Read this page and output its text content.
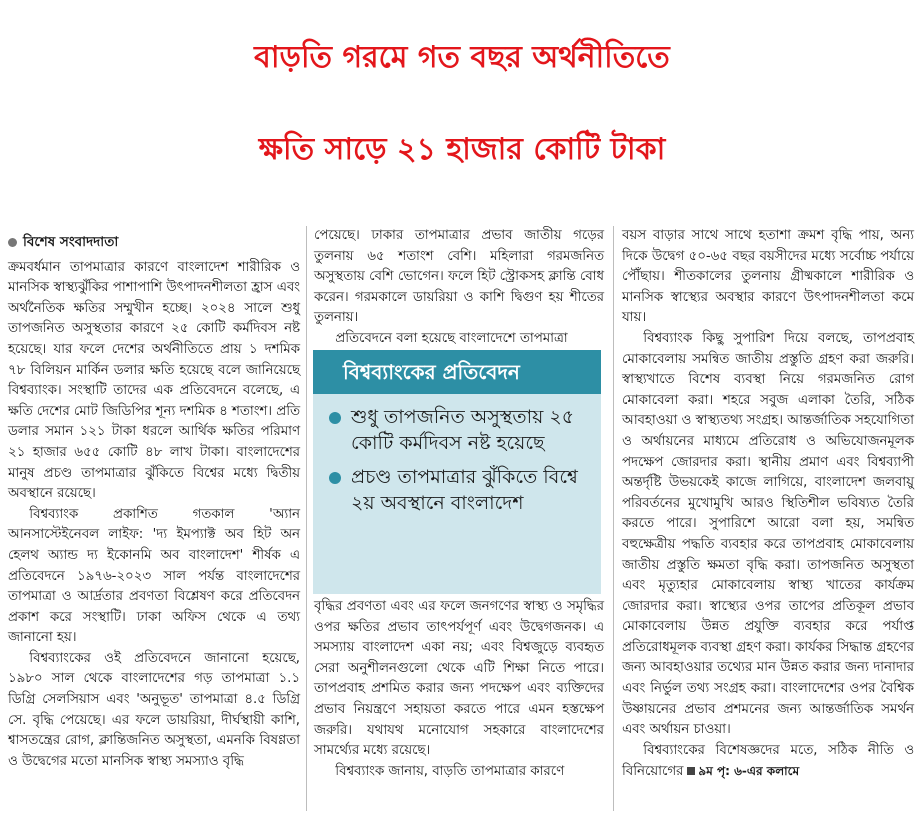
বাড়তি গরমে গত বছর অর্থনীতিতে
ক্ষতি সাড়ে ২১ হাজার কোটি টাকা
বিশেষ সংবাদদাতা

ক্রমবর্ধমান তাপমাত্রার কারণে বাংলাদেশ শারীরিক ও মানসিক স্বাস্থ্যঝুঁকির পাশাপাশি উৎপাদনশীলতা হ্রাস এবং অর্থনৈতিক ক্ষতির সম্মুখীন হচ্ছে। ২০২৪ সালে শুধু তাপজনিত অসুস্থতার কারণে ২৫ কোটি কর্মদিবস নষ্ট হয়েছে। যার ফলে দেশের অর্থনীতিতে প্রায় ১ দশমিক ৭৮ বিলিয়ন মার্কিন ডলার ক্ষতি হয়েছে বলে জানিয়েছে বিশ্বব্যাংক। সংস্থাটি তাদের এক প্রতিবেদনে বলেছে, এ ক্ষতি দেশের মোট জিডিপির শূন্য দশমিক ৪ শতাংশ। প্রতি ডলার সমান ১২১ টাকা ধরলে আর্থিক ক্ষতির পরিমাণ ২১ হাজার ৬৫৫ কোটি ৪৮ লাখ টাকা। বাংলাদেশের মানুষ প্রচণ্ড তাপমাত্রার ঝুঁকিতে বিশ্বের মধ্যে দ্বিতীয় অবস্থানে রয়েছে।

বিশ্বব্যাংক প্রকাশিত গতকাল 'অ্যান আনসাস্টেইনেবল লাইফ: 'দ্য ইমপ্যাক্ট অব হিট অন হেলথ অ্যান্ড দ্য ইকোনমি অব বাংলাদেশ' শীর্ষক এ প্রতিবেদনে ১৯৭৬-২০২৩ সাল পর্যন্ত বাংলাদেশের তাপমাত্রা ও আর্দ্রতার প্রবণতা বিশ্লেষণ করে প্রতিবেদন প্রকাশ করে সংস্থাটি। ঢাকা অফিস থেকে এ তথ্য জানানো হয়।

বিশ্বব্যাংকের ওই প্রতিবেদনে জানানো হয়েছে, ১৯৮০ সাল থেকে বাংলাদেশের গড় তাপমাত্রা ১.১ ডিগ্রি সেলসিয়াস এবং 'অনুভূত' তাপমাত্রা ৪.৫ ডিগ্রি সে. বৃদ্ধি পেয়েছে। এর ফলে ডায়রিয়া, দীর্ঘস্থায়ী কাশি, শ্বাসতন্ত্রের রোগ, ক্লান্তিজনিত অসুস্থতা, এমনকি বিষণ্ণতা ও উদ্বেগের মতো মানসিক স্বাস্থ্য সমস্যাও বৃদ্ধি

পেয়েছে। ঢাকার তাপমাত্রার প্রভাব জাতীয় গড়ের তুলনায় ৬৫ শতাংশ বেশি। মহিলারা গরমজনিত অসুস্থতায় বেশি ভোগেন। ফলে হিট স্ট্রোকসহ ক্লান্তি বোধ করেন। গরমকালে ডায়রিয়া ও কাশি দ্বিগুণ হয় শীতের তুলনায়।

প্রতিবেদনে বলা হয়েছে বাংলাদেশে তাপমাত্রা

বিশ্বব্যাংকের প্রতিবেদন
শুধু তাপজনিত অসুস্থতায় ২৫ কোটি কর্মদিবস নষ্ট হয়েছে
প্রচণ্ড তাপমাত্রার ঝুঁকিতে বিশ্বে ২য় অবস্থানে বাংলাদেশ

বৃদ্ধির প্রবণতা এবং এর ফলে জনগণের স্বাস্থ্য ও সমৃদ্ধির ওপর ক্ষতির প্রভাব তাৎপর্যপূর্ণ এবং উদ্বেগজনক। এ সমস্যায় বাংলাদেশ একা নয়; এবং বিশ্বজুড়ে ব্যবহৃত সেরা অনুশীলনগুলো থেকে এটি শিক্ষা নিতে পারে। তাপপ্রবাহ প্রশমিত করার জন্য পদক্ষেপ এবং ব্যক্তিদের প্রভাব নিয়ন্ত্রণে সহায়তা করতে পারে এমন হস্তক্ষেপ জরুরি। যথাযথ মনোযোগ সহকারে বাংলাদেশের সামর্থ্যের মধ্যে রয়েছে।

বিশ্বব্যাংক জানায়, বাড়তি তাপমাত্রার কারণে

বয়স বাড়ার সাথে সাথে হতাশা ক্রমশ বৃদ্ধি পায়, অন্য দিকে উদ্বেগ ৫০-৬৫ বছর বয়সীদের মধ্যে সর্বোচ্চ পর্যায়ে পৌঁছায়। শীতকালের তুলনায় গ্রীষ্মকালে শারীরিক ও মানসিক স্বাস্থ্যের অবস্থার কারণে উৎপাদনশীলতা কমে যায়।

বিশ্বব্যাংক কিছু সুপারিশ দিয়ে বলছে, তাপপ্রবাহ মোকাবেলায় সমন্বিত জাতীয় প্রস্তুতি গ্রহণ করা জরুরি। স্বাস্থ্যখাতে বিশেষ ব্যবস্থা নিয়ে গরমজনিত রোগ মোকাবেলা করা। শহরে সবুজ এলাকা তৈরি, সঠিক আবহাওয়া ও স্বাস্থ্যতথ্য সংগ্রহ। আন্তর্জাতিক সহযোগিতা ও অর্থায়নের মাধ্যমে প্রতিরোধ ও অভিযোজনমূলক পদক্ষেপ জোরদার করা। স্থানীয় প্রমাণ এবং বিশ্বব্যাপী অন্তর্দৃষ্টি উভয়কেই কাজে লাগিয়ে, বাংলাদেশ জলবায়ু পরিবর্তনের মুখোমুখি আরও স্থিতিশীল ভবিষ্যত তৈরি করতে পারে। সুপারিশে আরো বলা হয়, সমন্বিত বহুক্ষেত্রীয় পদ্ধতি ব্যবহার করে তাপপ্রবাহ মোকাবেলায় জাতীয় প্রস্তুতি ক্ষমতা বৃদ্ধি করা। তাপজনিত অসুস্থতা এবং মৃত্যুহার মোকাবেলায় স্বাস্থ্য খাতের কার্যক্রম জোরদার করা। স্বাস্থ্যের ওপর তাপের প্রতিকূল প্রভাব মোকাবেলায় উন্নত প্রযুক্তি ব্যবহার করে পর্যাপ্ত প্রতিরোধমূলক ব্যবস্থা গ্রহণ করা। কার্যকর সিদ্ধান্ত গ্রহণের জন্য আবহাওয়ার তথ্যের মান উন্নত করার জন্য দানাদার এবং নির্ভুল তথ্য সংগ্রহ করা। বাংলাদেশের ওপর বৈশ্বিক উষ্ণায়নের প্রভাব প্রশমনের জন্য আন্তর্জাতিক সমর্থন এবং অর্থায়ন চাওয়া।

বিশ্বব্যাংকের বিশেষজ্ঞদের মতে, সঠিক নীতি ও বিনিয়োগের ৯ম পৃ: ৬-এর কলামে
